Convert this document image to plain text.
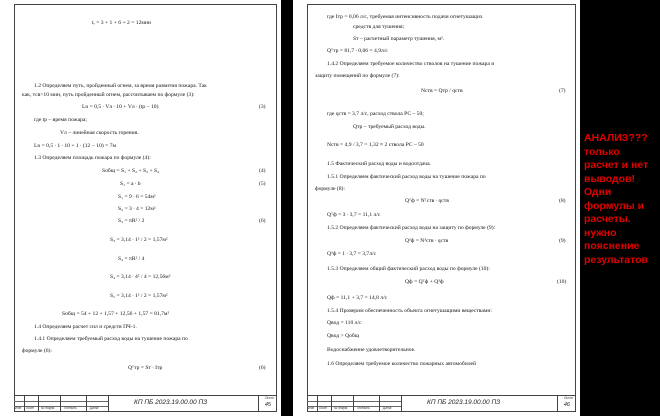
tᵣ = 3 + 1 + 6 + 2 = 12мин
1.2 Определяем путь, пройденный огнем, за время развития пожара. Так
как, тсв>10 мин, путь пройденный огнем, рассчитываем по формуле (3):
Ln = 0,5 ∙ Vл ∙ 10 + Vл ∙ (tр − 10)	(3)
где tр – время пожара;
Vл – линейная скорость горения.
Ln = 0,5 ∙ 1 ∙ 10 + 1 ∙ (12 − 10) = 7м
1.3 Определяем площадь пожара по формуле (4):
Sобщ = S₁ + S₂ + S₃ + S₄	(4)
S₁ = a ∙ b	(5)
S₁ = 9 ∙ 6 = 54м²
S₂ = 3 ∙ 4 = 12м²
S₃ = πR² / 2	(6)
S₃ = 3,14 ∙ 1² / 2 = 1,57м²
S₄ = πR² / 4
S₄ = 3,14 ∙ 4² / 4 = 12,56м²
S₅ = 3,14 ∙ 1² / 2 = 1,57м²
Sобщ = 54 + 12 + 1,57 + 12,56 + 1,57 = 81,7м²
1.4 Определяем расчет сил и средств ПЧ-1.
1.4.1 Определяем требуемый расход воды на тушение пожара по
формуле (6):
Qᵀтр = Sт ∙ Iтр	(6)
Изм Лист № докум.	Подпись	Дата
КП ПБ 2023.19.00.00 ПЗ
Лист
45
где Iтр = 0,06 л/с, требуемая интенсивность подачи огнетушащих
средств для тушения;
Sт – расчетный параметр тушения, м².
Qᵀтр = 81,7 ∙ 0,06 = 4,9л/с
1.4.2 Определяем требуемое количество стволов на тушение пожара и
защиту помещений по формуле (7):
Nств = Qтр / qств	(7)
где qств = 3,7 л/с, расход ствола РС – 50;
Qтр – требуемый расход воды.
Nств = 4,9 / 3,7 = 1,32 ≈ 2 ствола РС – 50
1.5 Фактический расход воды и водоотдача.
1.5.1 Определяем фактический расход воды на тушение пожара по
формуле (8):
Qᵀф = Nᵀств ∙ qств	(8)
Qᵀф = 3 ∙ 3,7 = 11,1 л/с
1.5.2 Определяем фактический расход воды на защиту по формуле (9):
Q³ф = N³ств ∙ qств	(9)
Q³ф = 1 ∙ 3,7 = 3,7л/с
1.5.3 Определяем общий фактический расход воды по формуле (10):
Qф = Qᵀф + Q³ф	(10)
Qф = 11,1 + 3,7 = 14,8 л/с
1.5.4 Проверим обеспеченность объекта огнетушащими веществами:
Qвод = 110 л/с
Qвод > Qобщ
Водоснабжение удовлетворительное.
1.6 Определяем требуемое количество пожарных автомобилей
Изм Лист № докум.	Подпись	Дата
КП ПБ 2023.19.00.00 ПЗ
Лист
46
АНАЛИЗ???
только
расчет и нет
выводов!
Одни
формулы и
расчеты.
нужно
пояснение
результатов
